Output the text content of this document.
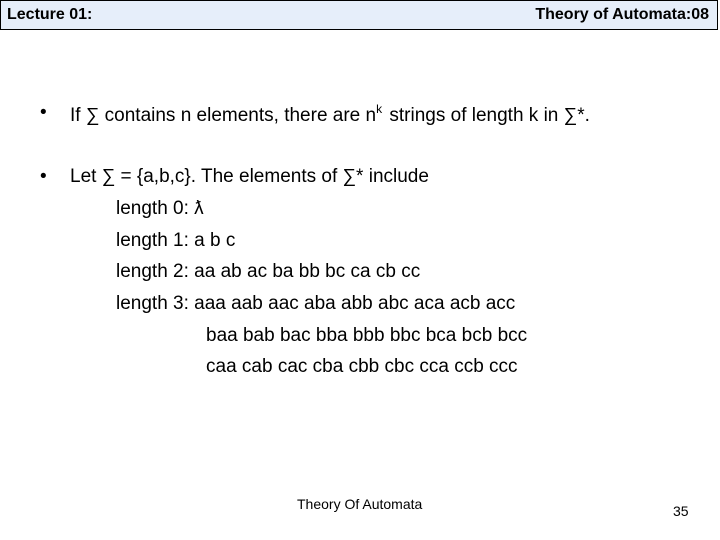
Lecture 01:	Theory of Automata:08
• If ∑ contains n elements, there are $n^k$ strings of length k in ∑*.
• Let ∑ = {a,b,c}. The elements of ∑* include
length 0: ƛ
length 1: a b c
length 2: aa ab ac ba bb bc ca cb cc
length 3: aaa aab aac aba abb abc aca acb acc
baa bab bac bba bbb bbc bca bcb bcc
caa cab cac cba cbb cbc cca ccb ccc
Theory Of Automata	35
